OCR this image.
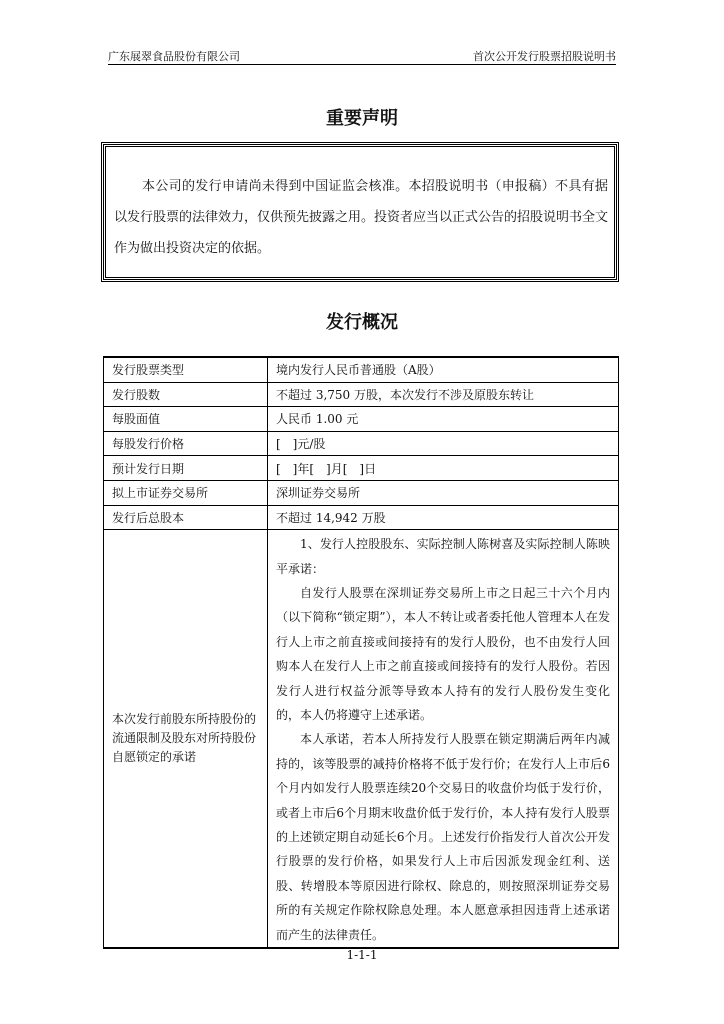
广东展翠食品股份有限公司	首次公开发行股票招股说明书
重要声明

本公司的发行申请尚未得到中国证监会核准。本招股说明书（申报稿）不具有据以发行股票的法律效力，仅供预先披露之用。投资者应当以正式公告的招股说明书全文作为做出投资决定的依据。

发行概况
发行股票类型	境内发行人民币普通股（A股）
发行股数	不超过 3,750 万股，本次发行不涉及原股东转让
每股面值	人民币 1.00 元
每股发行价格	[　]元/股
预计发行日期	[　]年[　]月[　]日
拟上市证券交易所	深圳证券交易所
发行后总股本	不超过 14,942 万股
本次发行前股东所持股份的流通限制及股东对所持股份自愿锁定的承诺	1、发行人控股股东、实际控制人陈树喜及实际控制人陈映平承诺：

自发行人股票在深圳证券交易所上市之日起三十六个月内（以下简称“锁定期”），本人不转让或者委托他人管理本人在发行人上市之前直接或间接持有的发行人股份，也不由发行人回购本人在发行人上市之前直接或间接持有的发行人股份。若因发行人进行权益分派等导致本人持有的发行人股份发生变化的，本人仍将遵守上述承诺。

本人承诺，若本人所持发行人股票在锁定期满后两年内减持的，该等股票的减持价格将不低于发行价；在发行人上市后6个月内如发行人股票连续20个交易日的收盘价均低于发行价，或者上市后6个月期末收盘价低于发行价，本人持有发行人股票的上述锁定期自动延长6个月。上述发行价指发行人首次公开发行股票的发行价格，如果发行人上市后因派发现金红利、送股、转增股本等原因进行除权、除息的，则按照深圳证券交易所的有关规定作除权除息处理。本人愿意承担因违背上述承诺而产生的法律责任。

1-1-1
